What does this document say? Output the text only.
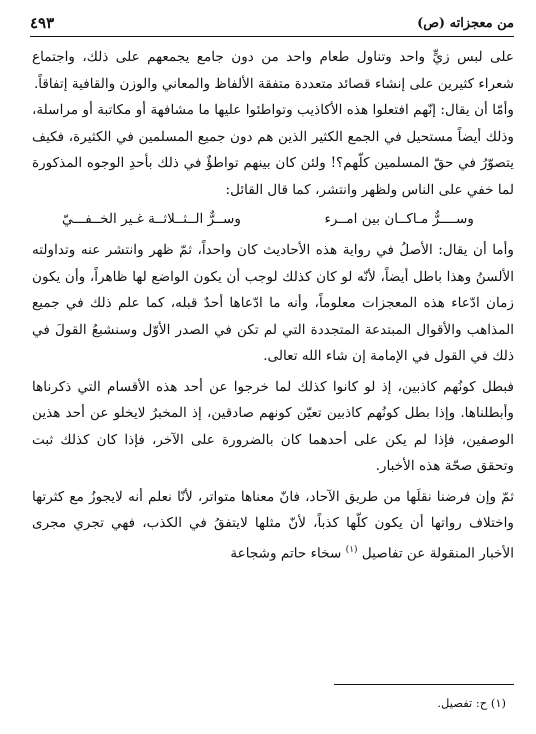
من معجزاته (ص)
٤٩٣

على لبس زيٍّ واحد وتناول طعام واحد من دون جامع يجمعهم على ذلك، واجتماع شعراء كثيرين على إنشاء قصائد متعددة متفقة الألفاظ والمعاني والوزن والقافية إتفاقاً.

وأمّا أن يقال: إنّهم افتعلوا هذه الأكاذيب وتواطئوا عليها ما مشافهة أو مكاتبة أو مراسلة، وذلك أيضاً مستحيل في الجمع الكثير الذين هم دون جميع المسلمين في الكثيرة، فكيف يتصوّرُ في حقّ المسلمين كلّهم؟! ولئن كان بينهم تواطؤٌ في ذلك بأحدِ الوجوه المذكورة لما خفي على الناس ولظهر وانتشر، كما قال القائل:

وســــرٌّ مـاكــان بين امــرء
وســرٌّ الــثــلاثــة غـير الخــفـــيّ

وأما أن يقال: الأصلُ في رواية هذه الأحاديث كان واحداً، ثمّ ظهر وانتشر عنه وتداولته الألسنُ وهذا باطل أيضاً، لأنّه لو كان كذلك لوجب أن يكون الواضع لها ظاهراً، وأن يكون زمان ادّعاء هذه المعجزات معلوماً، وأنه ما ادّعاها أحدٌ قبله، كما علم ذلك في جميع المذاهب والأقوال المبتدعة المتجددة التي لم تكن في الصدر الأوّل وسنشبعُ القولَ في ذلك في القول في الإمامة إن شاء الله تعالى.

فبطل كونُهم كاذبين، إذ لو كانوا كذلك لما خرجوا عن أحد هذه الأقسام التي ذكرناها وأبطلناها. وإذا بطل كونُهم كاذبين تعيّن كونهم صادقين، إذ المخبرُ لايخلو عن أحد هذين الوصفين، فإذا لم يكن على أحدهما كان بالضرورة على الآخر، فإذا كان كذلك ثبت وتحقق صحّة هذه الأخبار.

ثمّ وإن فرضنا نقلَها من طريق الآحاد، فانّ معناها متواتر، لأنّا نعلم أنه لايجوزُ مع كثرتها واختلاف رواتها أن يكون كلّها كذباً، لأنّ مثلها لايتفقُ في الكذب، فهي تجري مجرى الأخبار المنقولة عن تفاصيل $^{(١)}$ سخاء حاتم وشجاعة

(١) ح: تفصيل.
